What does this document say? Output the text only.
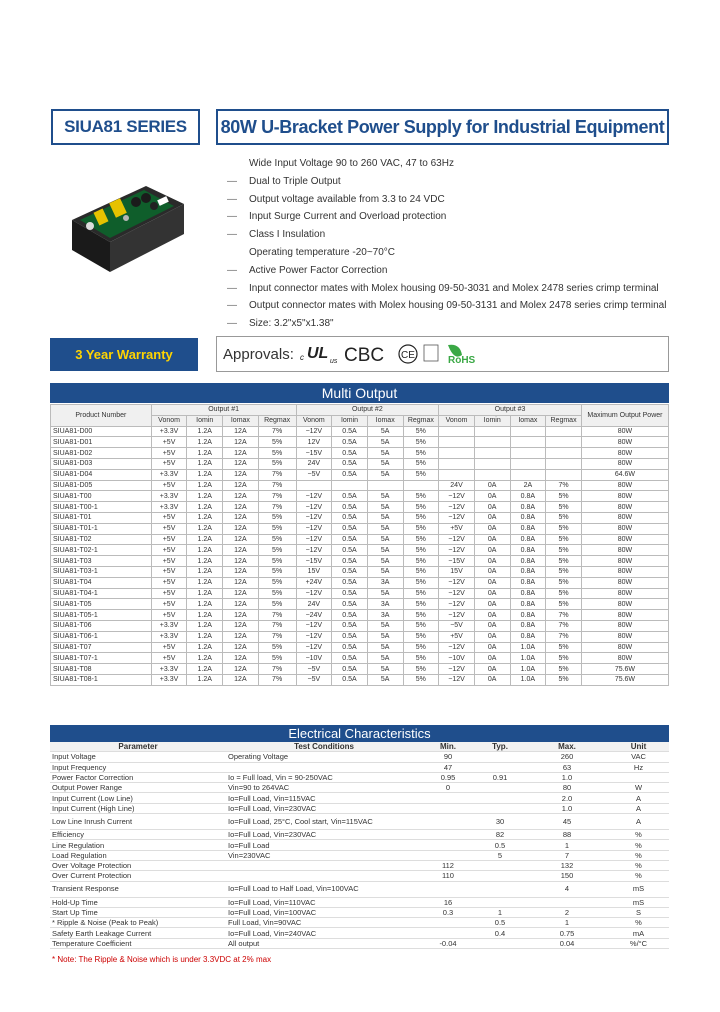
SIUA81 SERIES	80W U-Bracket Power Supply for Industrial Equipment
Wide Input Voltage 90 to 260 VAC, 47 to 63Hz
— Dual to Triple Output
— Output voltage available from 3.3 to 24 VDC
— Input Surge Current and Overload protection
— Class I Insulation
Operating temperature -20~70°C
— Active Power Factor Correction
— Input connector mates with Molex housing 09-50-3031 and Molex 2478 series crimp terminal
— Output connector mates with Molex housing 09-50-3131 and Molex 2478 series crimp terminal
— Size: 3.2"x5"x1.38"
3 Year Warranty	Approvals: c UL us CBC CE	RoHS
Multi Output
Product Number	Output #1				Output #2				Output #3				Maximum Output Power
	Vonom	Iomin	Iomax	Regmax	Vonom	Iomin	Iomax	Regmax	Vonom	Iomin	Iomax	Regmax	
SIUA81-D00	+3.3V	1.2A	12A	7%	−12V	0.5A	5A	5%					80W
SIUA81-D01	+5V	1.2A	12A	5%	12V	0.5A	5A	5%					80W
SIUA81-D02	+5V	1.2A	12A	5%	−15V	0.5A	5A	5%					80W
SIUA81-D03	+5V	1.2A	12A	5%	24V	0.5A	5A	5%					80W
SIUA81-D04	+3.3V	1.2A	12A	7%	−5V	0.5A	5A	5%					64.6W
SIUA81-D05	+5V	1.2A	12A	7%					24V	0A	2A	7%	80W
SIUA81-T00	+3.3V	1.2A	12A	7%	−12V	0.5A	5A	5%	−12V	0A	0.8A	5%	80W
SIUA81-T00-1	+3.3V	1.2A	12A	7%	−12V	0.5A	5A	5%	−12V	0A	0.8A	5%	80W
SIUA81-T01	+5V	1.2A	12A	5%	−12V	0.5A	5A	5%	−12V	0A	0.8A	5%	80W
SIUA81-T01-1	+5V	1.2A	12A	5%	−12V	0.5A	5A	5%	+5V	0A	0.8A	5%	80W
SIUA81-T02	+5V	1.2A	12A	5%	−12V	0.5A	5A	5%	−12V	0A	0.8A	5%	80W
SIUA81-T02-1	+5V	1.2A	12A	5%	−12V	0.5A	5A	5%	−12V	0A	0.8A	5%	80W
SIUA81-T03	+5V	1.2A	12A	5%	−15V	0.5A	5A	5%	−15V	0A	0.8A	5%	80W
SIUA81-T03-1	+5V	1.2A	12A	5%	15V	0.5A	5A	5%	15V	0A	0.8A	5%	80W
SIUA81-T04	+5V	1.2A	12A	5%	+24V	0.5A	3A	5%	−12V	0A	0.8A	5%	80W
SIUA81-T04-1	+5V	1.2A	12A	5%	−12V	0.5A	5A	5%	−12V	0A	0.8A	5%	80W
SIUA81-T05	+5V	1.2A	12A	5%	24V	0.5A	3A	5%	−12V	0A	0.8A	5%	80W
SIUA81-T05-1	+5V	1.2A	12A	7%	−24V	0.5A	3A	5%	−12V	0A	0.8A	7%	80W
SIUA81-T06	+3.3V	1.2A	12A	7%	−12V	0.5A	5A	5%	−5V	0A	0.8A	7%	80W
SIUA81-T06-1	+3.3V	1.2A	12A	7%	−12V	0.5A	5A	5%	+5V	0A	0.8A	7%	80W
SIUA81-T07	+5V	1.2A	12A	5%	−12V	0.5A	5A	5%	−12V	0A	1.0A	5%	80W
SIUA81-T07-1	+5V	1.2A	12A	5%	−10V	0.5A	5A	5%	−10V	0A	1.0A	5%	80W
SIUA81-T08	+3.3V	1.2A	12A	7%	−5V	0.5A	5A	5%	−12V	0A	1.0A	5%	75.6W
SIUA81-T08-1	+3.3V	1.2A	12A	7%	−5V	0.5A	5A	5%	−12V	0A	1.0A	5%	75.6W
Electrical Characteristics
Parameter	Test Conditions	Min.	Typ.	Max.	Unit
Input Voltage	Operating Voltage	90		260	VAC
Input Frequency		47		63	Hz
Power Factor Correction	Io = Full load, Vin = 90-250VAC	0.95	0.91	1.0	
Output Power Range	Vin=90 to 264VAC	0		80	W
Input Current (Low Line)	Io=Full Load, Vin=115VAC			2.0	A
Input Current (High Line)	Io=Full Load, Vin=230VAC			1.0	A
Low Line Inrush Current	Io=Full Load, 25°C, Cool start, Vin=115VAC		30	45	A
Efficiency	Io=Full Load, Vin=230VAC		82	88	%
Line Regulation	Io=Full Load		0.5	1	%
Load Regulation	Vin=230VAC		5	7	%
Over Voltage Protection		112		132	%
Over Current Protection		110		150	%
Transient Response	Io=Full Load to Half Load, Vin=100VAC			4	mS
Hold-Up Time	Io=Full Load, Vin=110VAC	16			mS
Start Up Time	Io=Full Load, Vin=100VAC	0.3	1	2	S
* Ripple & Noise (Peak to Peak)	Full Load, Vin=90VAC		0.5	1	%
Safety Earth Leakage Current	Io=Full Load, Vin=240VAC		0.4	0.75	mA
Temperature Coefficient	All output	-0.04		0.04	%/°C
* Note: The Ripple & Noise which is under 3.3VDC at 2% max
